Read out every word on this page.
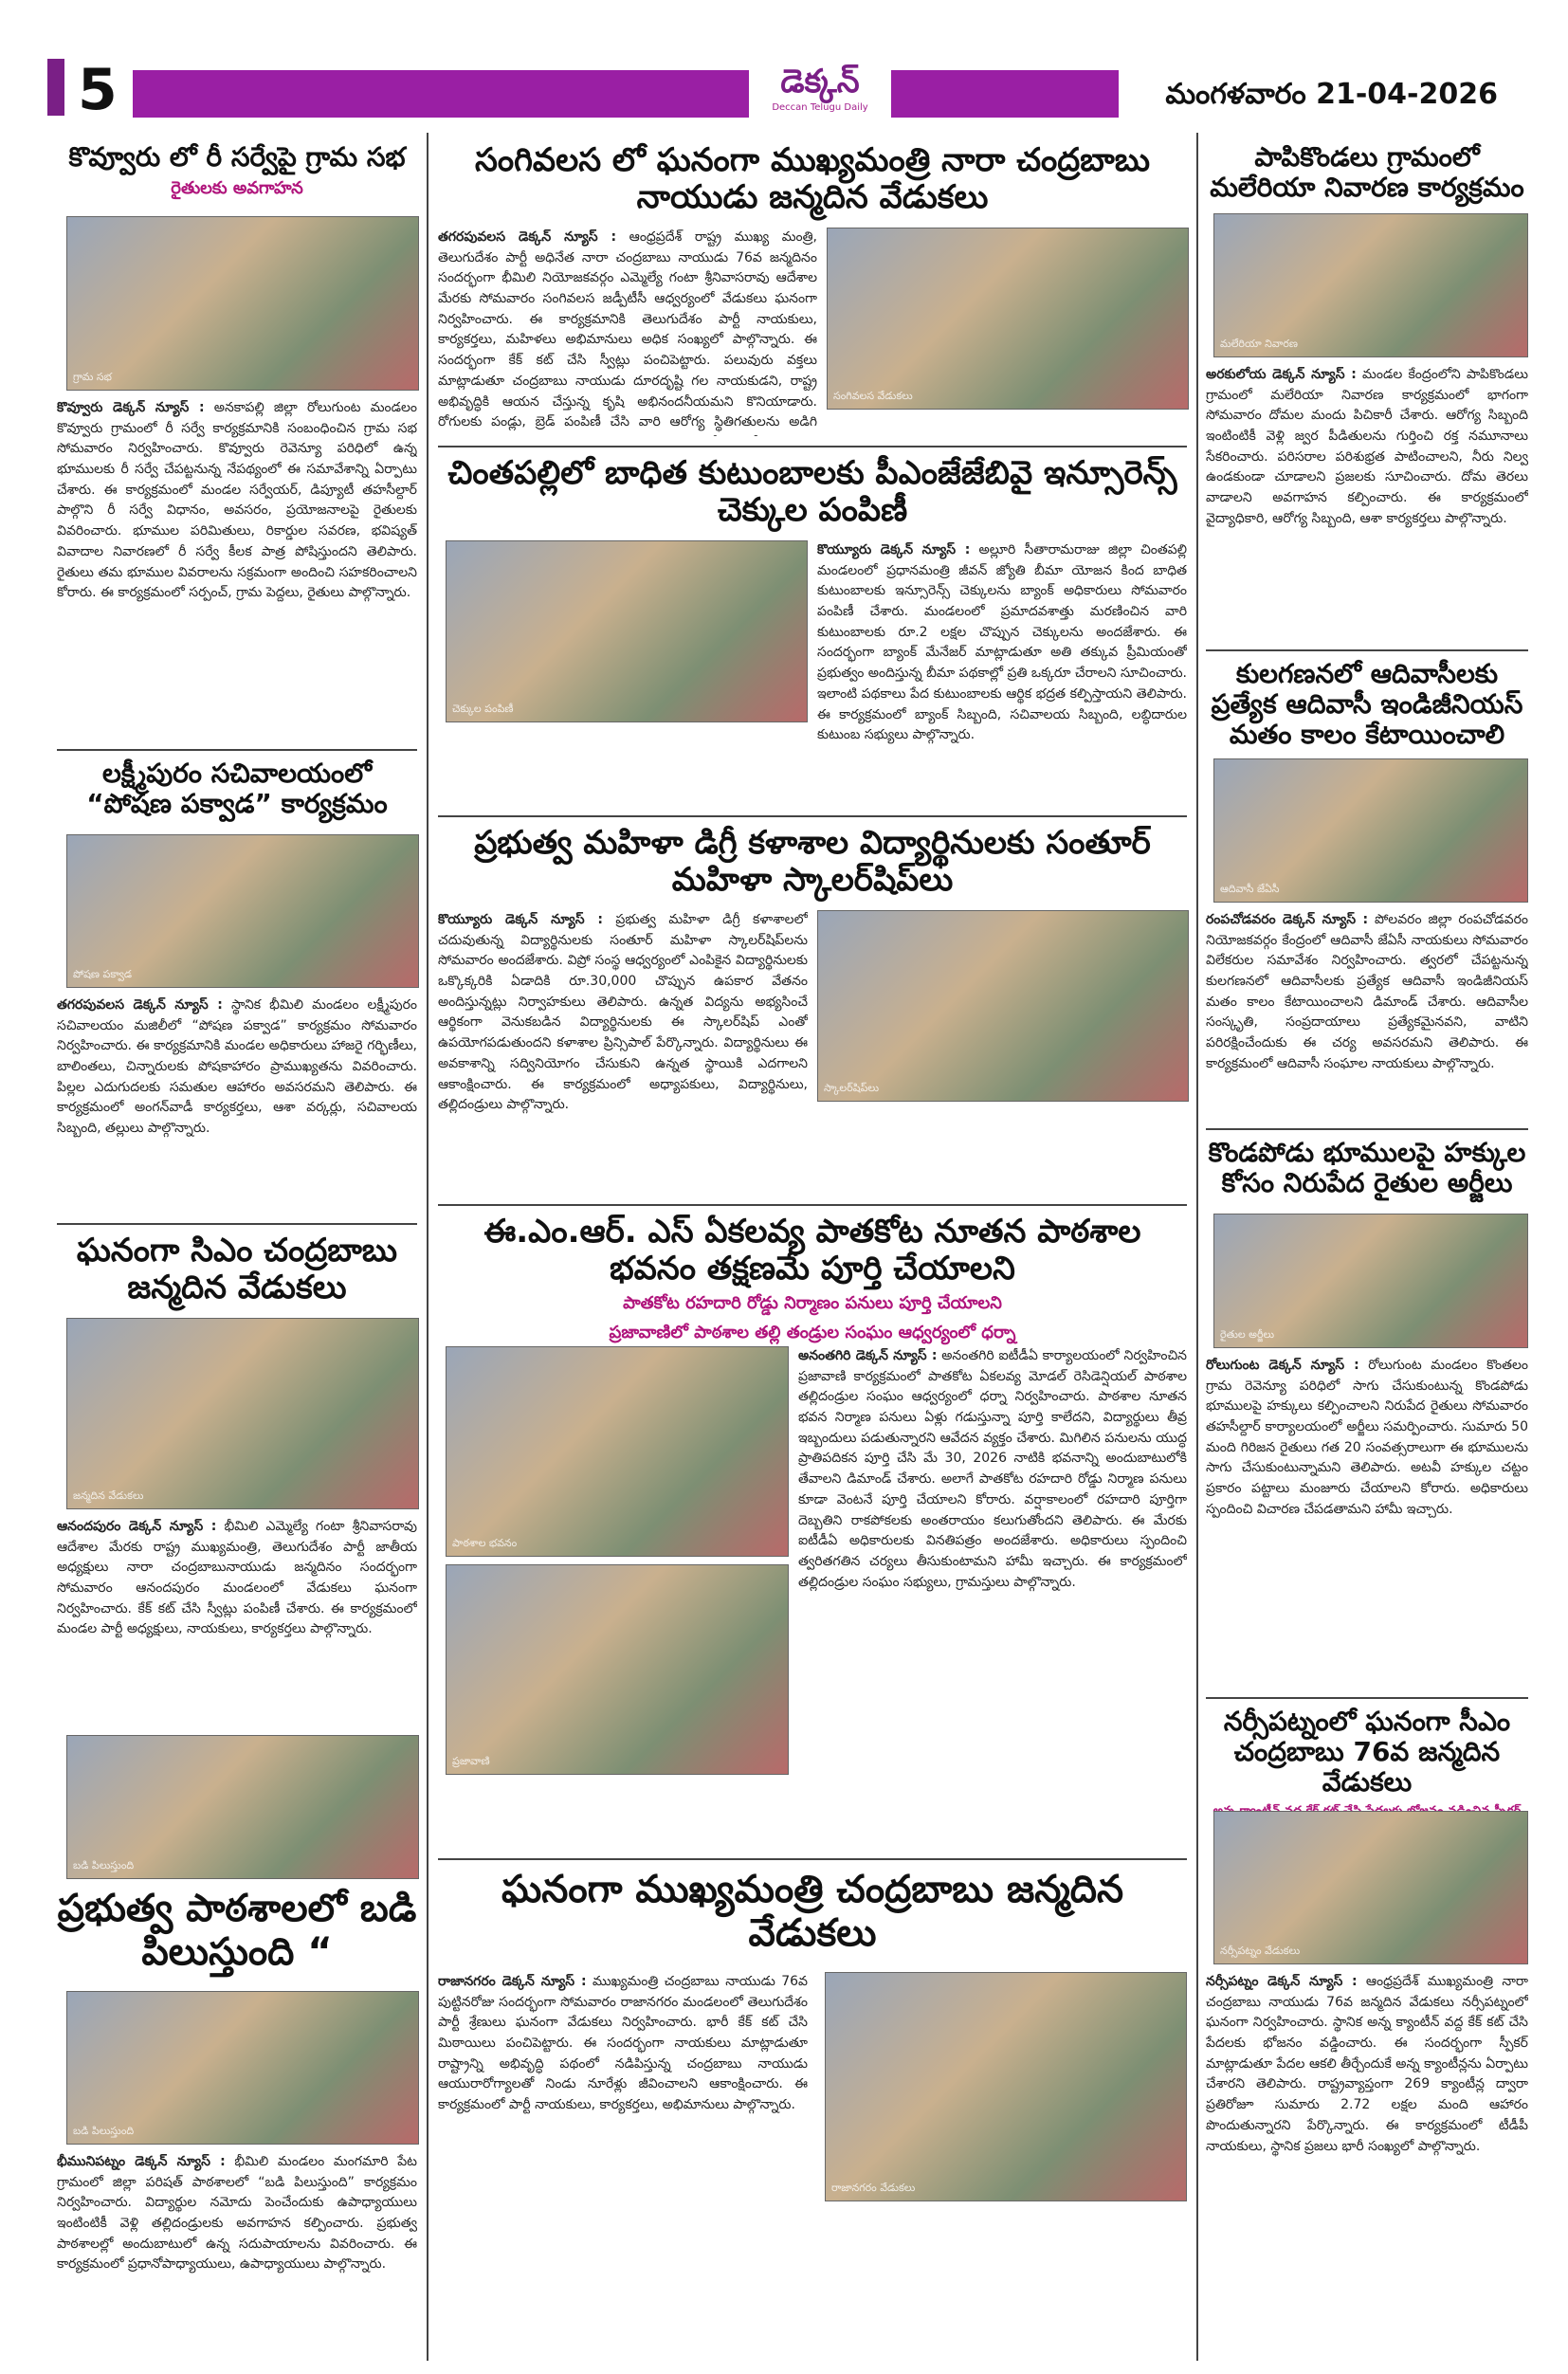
5	డెక్కన్
Deccan Telugu Daily	మంగళవారం 21-04-2026
కొవ్వూరు లో రీ సర్వేపై గ్రామ సభ
రైతులకు అవగాహన
గ్రామ సభ
కొవ్వూరు డెక్కన్ న్యూస్ : అనకాపల్లి జిల్లా రోలుగుంట మండలం కొవ్వూరు గ్రామంలో రీ సర్వే కార్యక్రమానికి సంబంధించిన గ్రామ సభ సోమవారం నిర్వహించారు. కొవ్వూరు రెవెన్యూ పరిధిలో ఉన్న భూములకు రీ సర్వే చేపట్టనున్న నేపథ్యంలో ఈ సమావేశాన్ని ఏర్పాటు చేశారు. ఈ కార్యక్రమంలో మండల సర్వేయర్, డిప్యూటీ తహసీల్దార్ పాల్గొని రీ సర్వే విధానం, అవసరం, ప్రయోజనాలపై రైతులకు వివరించారు. భూముల పరిమితులు, రికార్డుల సవరణ, భవిష్యత్ వివాదాల నివారణలో రీ సర్వే కీలక పాత్ర పోషిస్తుందని తెలిపారు. రైతులు తమ భూముల వివరాలను సక్రమంగా అందించి సహకరించాలని కోరారు. ఈ కార్యక్రమంలో సర్పంచ్, గ్రామ పెద్దలు, రైతులు పాల్గొన్నారు.
లక్ష్మీపురం సచివాలయంలో “పోషణ పక్వాడ” కార్యక్రమం
పోషణ పక్వాడ
తగరపువలస డెక్కన్ న్యూస్ : స్థానిక భీమిలి మండలం లక్ష్మీపురం సచివాలయం మజిలీలో “పోషణ పక్వాడ” కార్యక్రమం సోమవారం నిర్వహించారు. ఈ కార్యక్రమానికి మండల అధికారులు హాజరై గర్భిణీలు, బాలింతలు, చిన్నారులకు పోషకాహారం ప్రాముఖ్యతను వివరించారు. పిల్లల ఎదుగుదలకు సమతుల ఆహారం అవసరమని తెలిపారు. ఈ కార్యక్రమంలో అంగన్‌వాడీ కార్యకర్తలు, ఆశా వర్కర్లు, సచివాలయ సిబ్బంది, తల్లులు పాల్గొన్నారు.
ఘనంగా సిఎం చంద్రబాబు జన్మదిన వేడుకలు
జన్మదిన వేడుకలు
ఆనందపురం డెక్కన్ న్యూస్ : భీమిలి ఎమ్మెల్యే గంటా శ్రీనివాసరావు ఆదేశాల మేరకు రాష్ట్ర ముఖ్యమంత్రి, తెలుగుదేశం పార్టీ జాతీయ అధ్యక్షులు నారా చంద్రబాబునాయుడు జన్మదినం సందర్భంగా సోమవారం ఆనందపురం మండలంలో వేడుకలు ఘనంగా నిర్వహించారు. కేక్ కట్ చేసి స్వీట్లు పంపిణీ చేశారు. ఈ కార్యక్రమంలో మండల పార్టీ అధ్యక్షులు, నాయకులు, కార్యకర్తలు పాల్గొన్నారు.
బడి పిలుస్తుంది
ప్రభుత్వ పాఠశాలలో బడి పిలుస్తుంది “
బడి పిలుస్తుంది
భీమునిపట్నం డెక్కన్ న్యూస్ : భీమిలి మండలం మంగమారి పేట గ్రామంలో జిల్లా పరిషత్ పాఠశాలలో “బడి పిలుస్తుంది” కార్యక్రమం నిర్వహించారు. విద్యార్థుల నమోదు పెంచేందుకు ఉపాధ్యాయులు ఇంటింటికీ వెళ్లి తల్లిదండ్రులకు అవగాహన కల్పించారు. ప్రభుత్వ పాఠశాలల్లో అందుబాటులో ఉన్న సదుపాయాలను వివరించారు. ఈ కార్యక్రమంలో ప్రధానోపాధ్యాయులు, ఉపాధ్యాయులు పాల్గొన్నారు.
సంగివలస లో ఘనంగా ముఖ్యమంత్రి నారా చంద్రబాబు నాయుడు జన్మదిన వేడుకలు
తగరపువలస డెక్కన్ న్యూస్ : ఆంధ్రప్రదేశ్ రాష్ట్ర ముఖ్య మంత్రి, తెలుగుదేశం పార్టీ అధినేత నారా చంద్రబాబు నాయుడు 76వ జన్మదినం సందర్భంగా భీమిలి నియోజకవర్గం ఎమ్మెల్యే గంటా శ్రీనివాసరావు ఆదేశాల మేరకు సోమవారం సంగివలస జడ్పీటీసీ ఆధ్వర్యంలో వేడుకలు ఘనంగా నిర్వహించారు. ఈ కార్యక్రమానికి తెలుగుదేశం పార్టీ నాయకులు, కార్యకర్తలు, మహిళలు అభిమానులు అధిక సంఖ్యలో పాల్గొన్నారు. ఈ సందర్భంగా కేక్ కట్ చేసి స్వీట్లు పంచిపెట్టారు. పలువురు వక్తలు మాట్లాడుతూ చంద్రబాబు నాయుడు దూరదృష్టి గల నాయకుడని, రాష్ట్ర అభివృద్ధికి ఆయన చేస్తున్న కృషి అభినందనీయమని కొనియాడారు. రోగులకు పండ్లు, బ్రెడ్ పంపిణీ చేసి వారి ఆరోగ్య స్థితిగతులను అడిగి
సంగివలస వేడుకలు
చింతపల్లిలో బాధిత కుటుంబాలకు పీఎంజేజేబివై ఇన్సూరెన్స్ చెక్కుల పంపిణీ
చెక్కుల పంపిణీ
కొయ్యూరు డెక్కన్ న్యూస్ : అల్లూరి సీతారామరాజు జిల్లా చింతపల్లి మండలంలో ప్రధానమంత్రి జీవన్ జ్యోతి బీమా యోజన కింద బాధిత కుటుంబాలకు ఇన్సూరెన్స్ చెక్కులను బ్యాంక్ అధికారులు సోమవారం పంపిణీ చేశారు. మండలంలో ప్రమాదవశాత్తు మరణించిన వారి కుటుంబాలకు రూ.2 లక్షల చొప్పున చెక్కులను అందజేశారు. ఈ సందర్భంగా బ్యాంక్ మేనేజర్ మాట్లాడుతూ అతి తక్కువ ప్రీమియంతో ప్రభుత్వం అందిస్తున్న బీమా పథకాల్లో ప్రతి ఒక్కరూ చేరాలని సూచించారు. ఇలాంటి పథకాలు పేద కుటుంబాలకు ఆర్థిక భద్రత కల్పిస్తాయని తెలిపారు. ఈ కార్యక్రమంలో బ్యాంక్ సిబ్బంది, సచివాలయ సిబ్బంది, లబ్ధిదారుల కుటుంబ సభ్యులు పాల్గొన్నారు.
ప్రభుత్వ మహిళా డిగ్రీ కళాశాల విద్యార్థినులకు సంతూర్ మహిళా స్కాలర్‌షిప్‌లు
కొయ్యూరు డెక్కన్ న్యూస్ : ప్రభుత్వ మహిళా డిగ్రీ కళాశాలలో చదువుతున్న విద్యార్థినులకు సంతూర్ మహిళా స్కాలర్‌షిప్‌లను సోమవారం అందజేశారు. విప్రో సంస్థ ఆధ్వర్యంలో ఎంపికైన విద్యార్థినులకు ఒక్కొక్కరికి ఏడాదికి రూ.30,000 చొప్పున ఉపకార వేతనం అందిస్తున్నట్లు నిర్వాహకులు తెలిపారు. ఉన్నత విద్యను అభ్యసించే ఆర్థికంగా వెనుకబడిన విద్యార్థినులకు ఈ స్కాలర్‌షిప్ ఎంతో ఉపయోగపడుతుందని కళాశాల ప్రిన్సిపాల్ పేర్కొన్నారు. విద్యార్థినులు ఈ అవకాశాన్ని సద్వినియోగం చేసుకుని ఉన్నత స్థాయికి ఎదగాలని ఆకాంక్షించారు. ఈ కార్యక్రమంలో అధ్యాపకులు, విద్యార్థినులు, తల్లిదండ్రులు పాల్గొన్నారు.
స్కాలర్‌షిప్‌లు
ఈ.ఎం.ఆర్. ఎస్ ఏకలవ్య పాతకోట నూతన పాఠశాల భవనం తక్షణమే పూర్తి చేయాలని
పాతకోట రహదారి రోడ్డు నిర్మాణం పనులు పూర్తి చేయాలని
ప్రజావాణిలో పాఠశాల తల్లి తండ్రుల సంఘం ఆధ్వర్యంలో ధర్నా
పాఠశాల భవనం
ప్రజావాణి
అనంతగిరి డెక్కన్ న్యూస్ : అనంతగిరి ఐటీడీఏ కార్యాలయంలో నిర్వహించిన ప్రజావాణి కార్యక్రమంలో పాతకోట ఏకలవ్య మోడల్ రెసిడెన్షియల్ పాఠశాల తల్లిదండ్రుల సంఘం ఆధ్వర్యంలో ధర్నా నిర్వహించారు. పాఠశాల నూతన భవన నిర్మాణ పనులు ఏళ్లు గడుస్తున్నా పూర్తి కాలేదని, విద్యార్థులు తీవ్ర ఇబ్బందులు పడుతున్నారని ఆవేదన వ్యక్తం చేశారు. మిగిలిన పనులను యుద్ధ ప్రాతిపదికన పూర్తి చేసి మే 30, 2026 నాటికి భవనాన్ని అందుబాటులోకి తేవాలని డిమాండ్ చేశారు. అలాగే పాతకోట రహదారి రోడ్డు నిర్మాణ పనులు కూడా వెంటనే పూర్తి చేయాలని కోరారు. వర్షాకాలంలో రహదారి పూర్తిగా దెబ్బతిని రాకపోకలకు అంతరాయం కలుగుతోందని తెలిపారు. ఈ మేరకు ఐటీడీఏ అధికారులకు వినతిపత్రం అందజేశారు. అధికారులు స్పందించి త్వరితగతిన చర్యలు తీసుకుంటామని హామీ ఇచ్చారు. ఈ కార్యక్రమంలో తల్లిదండ్రుల సంఘం సభ్యులు, గ్రామస్తులు పాల్గొన్నారు.
ఘనంగా ముఖ్యమంత్రి చంద్రబాబు జన్మదిన వేడుకలు
రాజానగరం డెక్కన్ న్యూస్ : ముఖ్యమంత్రి చంద్రబాబు నాయుడు 76వ పుట్టినరోజు సందర్భంగా సోమవారం రాజానగరం మండలంలో తెలుగుదేశం పార్టీ శ్రేణులు ఘనంగా వేడుకలు నిర్వహించారు. భారీ కేక్ కట్ చేసి మిఠాయిలు పంచిపెట్టారు. ఈ సందర్భంగా నాయకులు మాట్లాడుతూ రాష్ట్రాన్ని అభివృద్ధి పథంలో నడిపిస్తున్న చంద్రబాబు నాయుడు ఆయురారోగ్యాలతో నిండు నూరేళ్లు జీవించాలని ఆకాంక్షించారు. ఈ కార్యక్రమంలో పార్టీ నాయకులు, కార్యకర్తలు, అభిమానులు పాల్గొన్నారు.
రాజానగరం వేడుకలు
పాపికొండలు గ్రామంలో మలేరియా నివారణ కార్యక్రమం
మలేరియా నివారణ
అరకులోయ డెక్కన్ న్యూస్ : మండల కేంద్రంలోని పాపికొండలు గ్రామంలో మలేరియా నివారణ కార్యక్రమంలో భాగంగా సోమవారం దోమల మందు పిచికారీ చేశారు. ఆరోగ్య సిబ్బంది ఇంటింటికీ వెళ్లి జ్వర పీడితులను గుర్తించి రక్త నమూనాలు సేకరించారు. పరిసరాల పరిశుభ్రత పాటించాలని, నీరు నిల్వ ఉండకుండా చూడాలని ప్రజలకు సూచించారు. దోమ తెరలు వాడాలని అవగాహన కల్పించారు. ఈ కార్యక్రమంలో వైద్యాధికారి, ఆరోగ్య సిబ్బంది, ఆశా కార్యకర్తలు పాల్గొన్నారు.
కులగణనలో ఆదివాసీలకు ప్రత్యేక ఆదివాసీ ఇండిజీనియస్ మతం కాలం కేటాయించాలి
ఆదివాసీ జేఏసీ
రంపచోడవరం డెక్కన్ న్యూస్ : పోలవరం జిల్లా రంపచోడవరం నియోజకవర్గం కేంద్రంలో ఆదివాసీ జేఏసీ నాయకులు సోమవారం విలేకరుల సమావేశం నిర్వహించారు. త్వరలో చేపట్టనున్న కులగణనలో ఆదివాసీలకు ప్రత్యేక ఆదివాసీ ఇండిజీనియస్ మతం కాలం కేటాయించాలని డిమాండ్ చేశారు. ఆదివాసీల సంస్కృతి, సంప్రదాయాలు ప్రత్యేకమైనవని, వాటిని పరిరక్షించేందుకు ఈ చర్య అవసరమని తెలిపారు. ఈ కార్యక్రమంలో ఆదివాసీ సంఘాల నాయకులు పాల్గొన్నారు.
కొండపోడు భూములపై హక్కుల కోసం నిరుపేద రైతుల అర్జీలు
రైతుల అర్జీలు
రోలుగుంట డెక్కన్ న్యూస్ : రోలుగుంట మండలం కొంతలం గ్రామ రెవెన్యూ పరిధిలో సాగు చేసుకుంటున్న కొండపోడు భూములపై హక్కులు కల్పించాలని నిరుపేద రైతులు సోమవారం తహసీల్దార్ కార్యాలయంలో అర్జీలు సమర్పించారు. సుమారు 50 మంది గిరిజన రైతులు గత 20 సంవత్సరాలుగా ఈ భూములను సాగు చేసుకుంటున్నామని తెలిపారు. అటవీ హక్కుల చట్టం ప్రకారం పట్టాలు మంజూరు చేయాలని కోరారు. అధికారులు స్పందించి విచారణ చేపడతామని హామీ ఇచ్చారు.
నర్సీపట్నంలో ఘనంగా సీఎం చంద్రబాబు 76వ జన్మదిన వేడుకలు
నర్సీపట్నం వేడుకలు
నర్సీపట్నం డెక్కన్ న్యూస్ : ఆంధ్రప్రదేశ్ ముఖ్యమంత్రి నారా చంద్రబాబు నాయుడు 76వ జన్మదిన వేడుకలు నర్సీపట్నంలో ఘనంగా నిర్వహించారు. స్థానిక అన్న క్యాంటీన్ వద్ద కేక్ కట్ చేసి పేదలకు భోజనం వడ్డించారు. ఈ సందర్భంగా స్పీకర్ మాట్లాడుతూ పేదల ఆకలి తీర్చేందుకే అన్న క్యాంటీన్లను ఏర్పాటు చేశారని తెలిపారు. రాష్ట్రవ్యాప్తంగా 269 క్యాంటీన్ల ద్వారా ప్రతిరోజూ సుమారు 2.72 లక్షల మంది ఆహారం పొందుతున్నారని పేర్కొన్నారు. ఈ కార్యక్రమంలో టీడీపీ నాయకులు, స్థానిక ప్రజలు భారీ సంఖ్యలో పాల్గొన్నారు.
